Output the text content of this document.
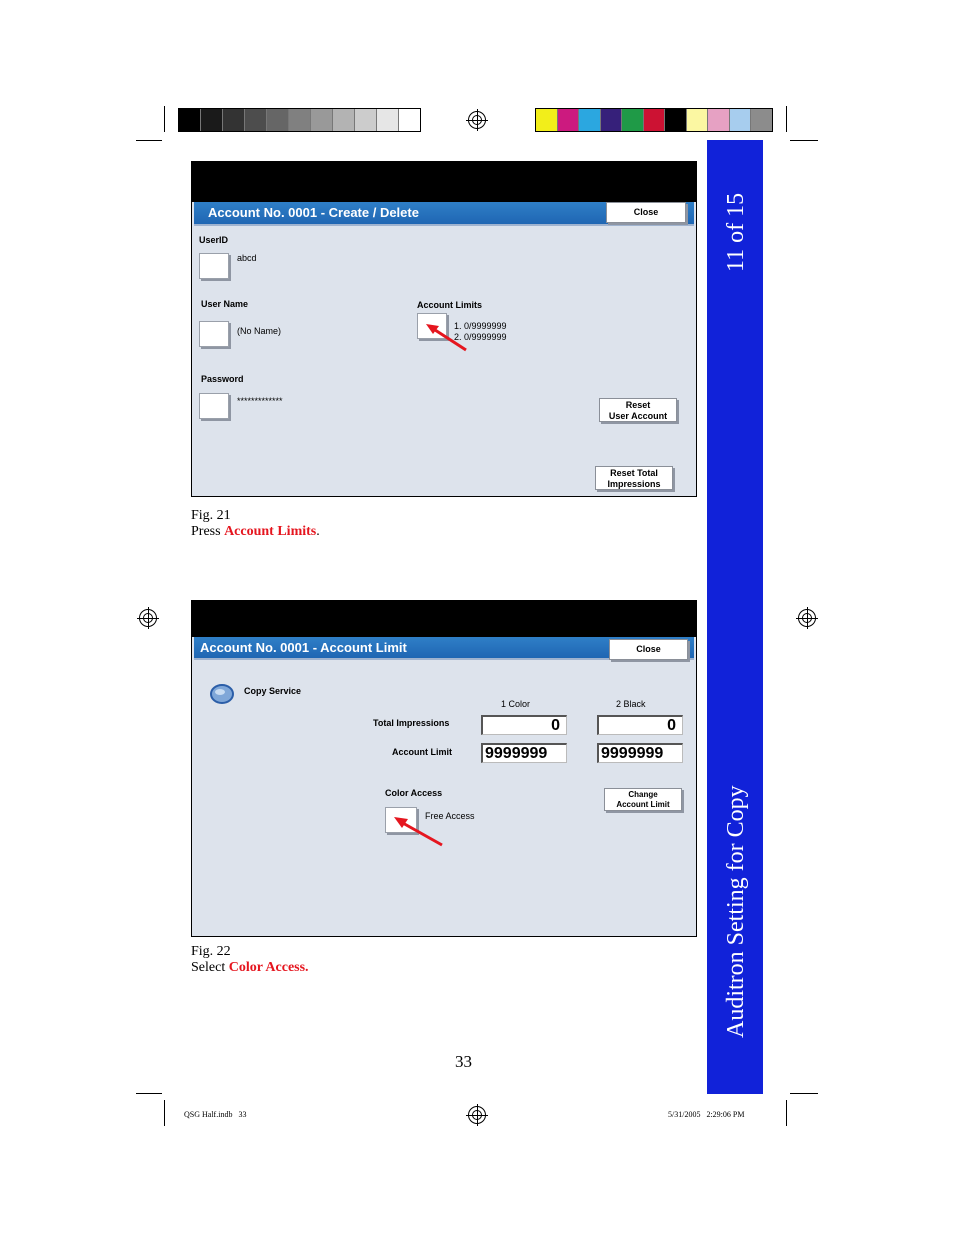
11 of 15
Auditron Setting for Copy
Account No. 0001 - Create / Delete	Close
UserID
abcd
User Name
(No Name)
Password
*************
Account Limits
1. 0/9999999
2. 0/9999999
Reset
User Account
Reset Total
Impressions
Fig. 21
Press Account Limits.
Account No. 0001 - Account Limit	Close
Copy Service
1 Color	2 Black
Total Impressions	0	0
Account Limit 9999999	9999999
Color Access
Free Access
Change
Account Limit
Fig. 22
Select Color Access.
33
QSG Half.indb   33	5/31/2005   2:29:06 PM
